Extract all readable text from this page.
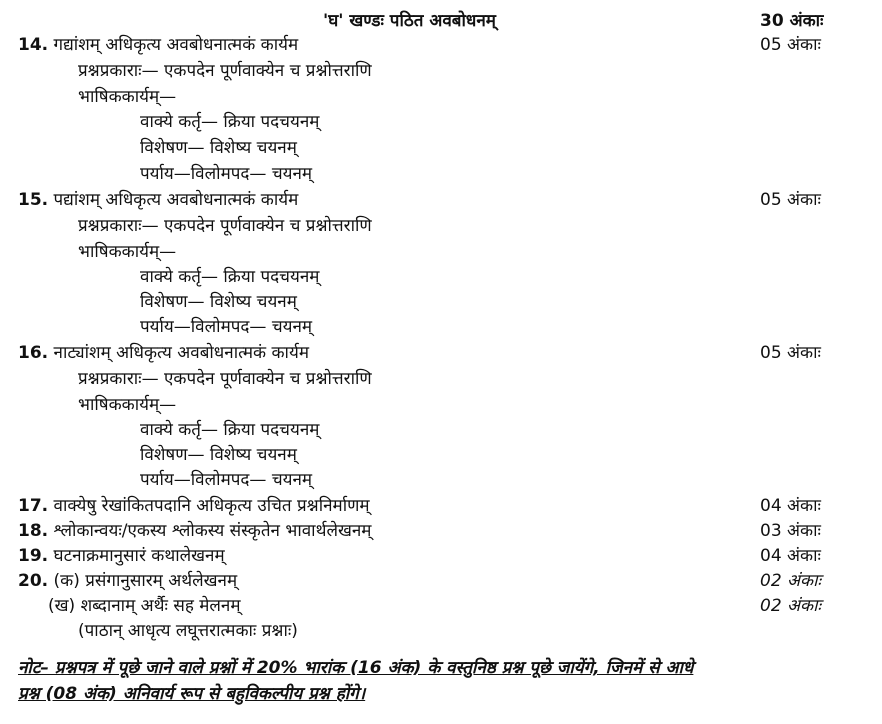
'घ' खण्डः पठित अवबोधनम्	30 अंकाः
14. गद्यांशम् अधिकृत्य अवबोधनात्मकं कार्यम	05 अंकाः
प्रश्नप्रकाराः— एकपदेन पूर्णवाक्येन च प्रश्नोत्तराणि
भाषिककार्यम्—
वाक्ये कर्तृ— क्रिया पदचयनम्
विशेषण— विशेष्य चयनम्
पर्याय—विलोमपद— चयनम्
15. पद्यांशम् अधिकृत्य अवबोधनात्मकं कार्यम	05 अंकाः
प्रश्नप्रकाराः— एकपदेन पूर्णवाक्येन च प्रश्नोत्तराणि
भाषिककार्यम्—
वाक्ये कर्तृ— क्रिया पदचयनम्
विशेषण— विशेष्य चयनम्
पर्याय—विलोमपद— चयनम्
16. नाट्यांशम् अधिकृत्य अवबोधनात्मकं कार्यम	05 अंकाः
प्रश्नप्रकाराः— एकपदेन पूर्णवाक्येन च प्रश्नोत्तराणि
भाषिककार्यम्—
वाक्ये कर्तृ— क्रिया पदचयनम्
विशेषण— विशेष्य चयनम्
पर्याय—विलोमपद— चयनम्
17. वाक्येषु रेखांकितपदानि अधिकृत्य उचित प्रश्ननिर्माणम्	04 अंकाः
18. श्लोकान्वयः/एकस्य श्लोकस्य संस्कृतेन भावार्थलेखनम्	03 अंकाः
19. घटनाक्रमानुसारं कथालेखनम्	04 अंकाः
20. (क) प्रसंगानुसारम् अर्थलेखनम्	02 अंकाः
(ख) शब्दानाम् अर्थैः सह मेलनम्	02 अंकाः
(पाठान् आधृत्य लघूत्तरात्मकाः प्रश्नाः)
नोट– प्रश्नपत्र में पूछे जाने वाले प्रश्नों में 20% भारांक (16 अंक) के वस्तुनिष्ठ प्रश्न पूछे जायेंगे, जिनमें से आधे
प्रश्न (08 अंक) अनिवार्य रूप से बहुविकल्पीय प्रश्न होंगे।
